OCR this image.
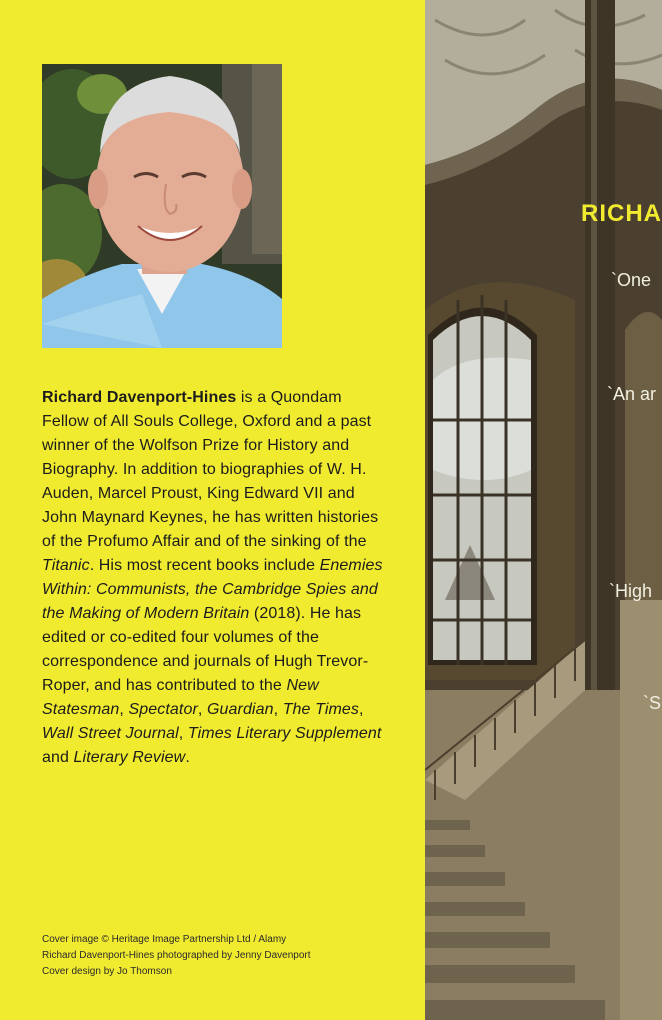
Richard Davenport-Hines is a Quondam Fellow of All Souls College, Oxford and a past winner of the Wolfson Prize for History and Biography. In addition to biographies of W. H. Auden, Marcel Proust, King Edward VII and John Maynard Keynes, he has written histories of the Profumo Affair and of the sinking of the Titanic. His most recent books include Enemies Within: Communists, the Cambridge Spies and the Making of Modern Britain (2018). He has edited or co-edited four volumes of the correspondence and journals of Hugh Trevor-Roper, and has contributed to the New Statesman, Spectator, Guardian, The Times, Wall Street Journal, Times Literary Supplement and Literary Review.

Cover image © Heritage Image Partnership Ltd / Alamy
Richard Davenport-Hines photographed by Jenny Davenport
Cover design by Jo Thomson
RICHA
`One
`An ar
`High
`S
